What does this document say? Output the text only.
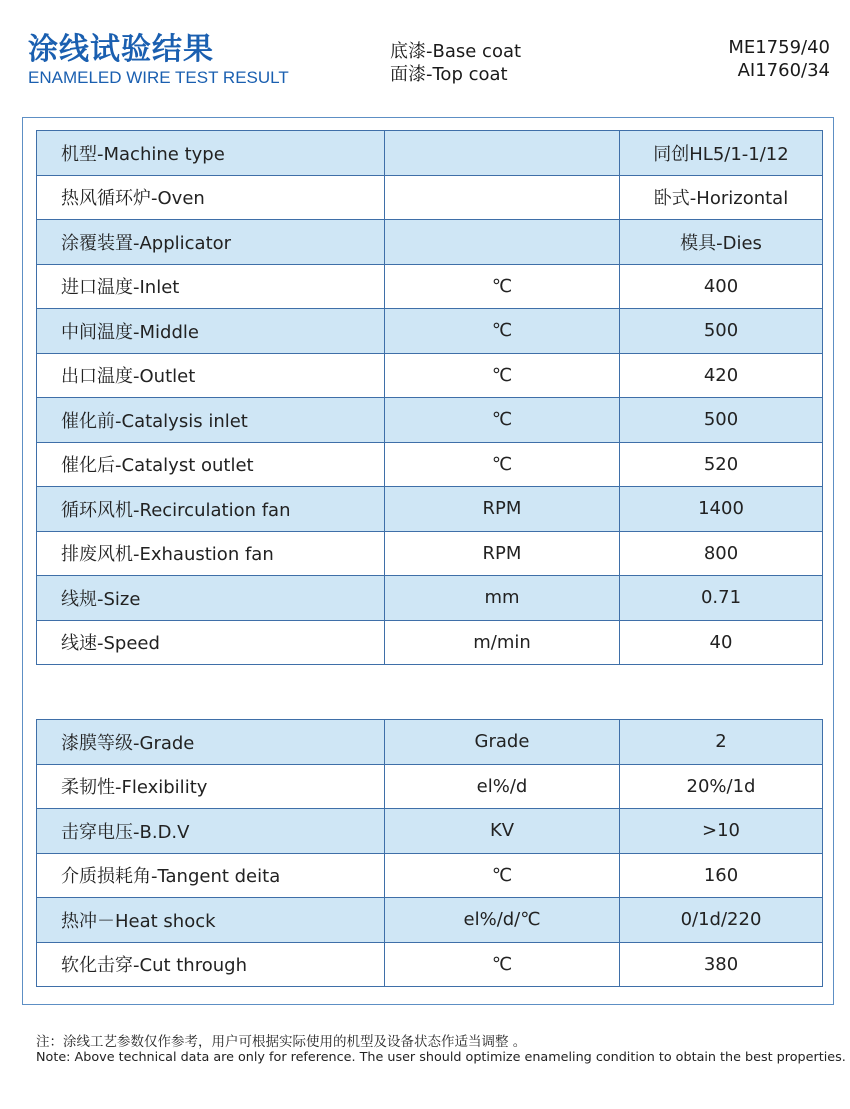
涂线试验结果
ENAMELED WIRE TEST RESULT
底漆-Base coat
面漆-Top coat
ME1759/40
AI1760/34
机型-Machine type		同创HL5/1-1/12
热风循环炉-Oven		卧式-Horizontal
涂覆装置-Applicator		模具-Dies
进口温度-Inlet	℃	400
中间温度-Middle	℃	500
出口温度-Outlet	℃	420
催化前-Catalysis inlet	℃	500
催化后-Catalyst outlet	℃	520
循环风机-Recirculation fan	RPM	1400
排废风机-Exhaustion fan	RPM	800
线规-Size	mm	0.71
线速-Speed	m/min	40
漆膜等级-Grade	Grade	2
柔韧性-Flexibility	el%/d	20%/1d
击穿电压-B.D.V	KV	>10
介质损耗角-Tangent deita	℃	160
热冲－Heat shock	el%/d/℃	0/1d/220
软化击穿-Cut through	℃	380
注：涂线工艺参数仅作参考，用户可根据实际使用的机型及设备状态作适当调整 。
Note: Above technical data are only for reference. The user should optimize enameling condition to obtain the best properties.
